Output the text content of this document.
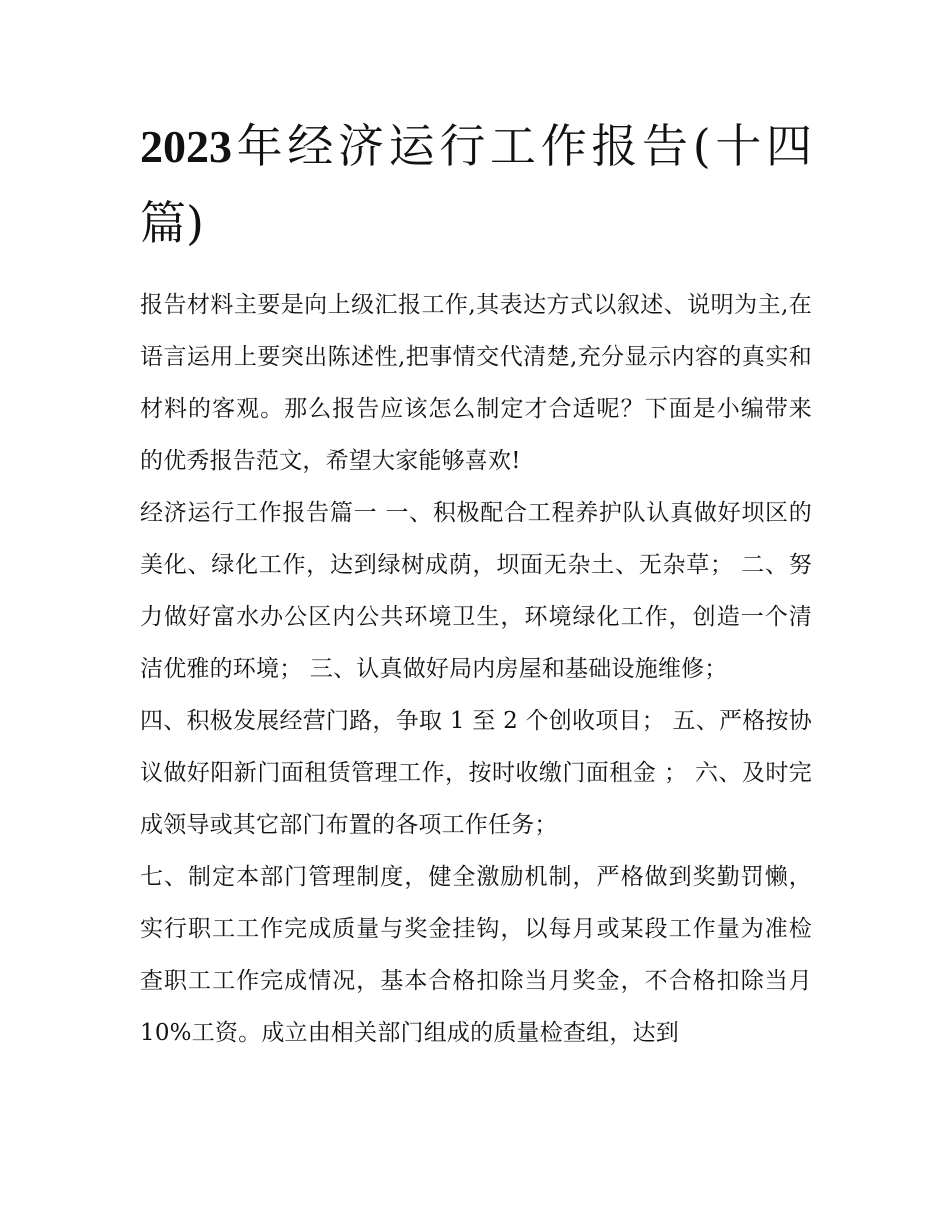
2023年经济运行工作报告(十四篇)

报告材料主要是向上级汇报工作,其表达方式以叙述、说明为主,在语言运用上要突出陈述性,把事情交代清楚,充分显示内容的真实和材料的客观。那么报告应该怎么制定才合适呢？下面是小编带来的优秀报告范文，希望大家能够喜欢!

经济运行工作报告篇一 一、积极配合工程养护队认真做好坝区的美化、绿化工作，达到绿树成荫，坝面无杂土、无杂草； 二、努力做好富水办公区内公共环境卫生，环境绿化工作，创造一个清洁优雅的环境； 三、认真做好局内房屋和基础设施维修；

四、积极发展经营门路，争取 1 至 2 个创收项目； 五、严格按协议做好阳新门面租赁管理工作，按时收缴门面租金 ； 六、及时完成领导或其它部门布置的各项工作任务；

七、制定本部门管理制度，健全激励机制，严格做到奖勤罚懒，实行职工工作完成质量与奖金挂钩，以每月或某段工作量为准检查职工工作完成情况，基本合格扣除当月奖金，不合格扣除当月 10%工资。成立由相关部门组成的质量检查组，达到
